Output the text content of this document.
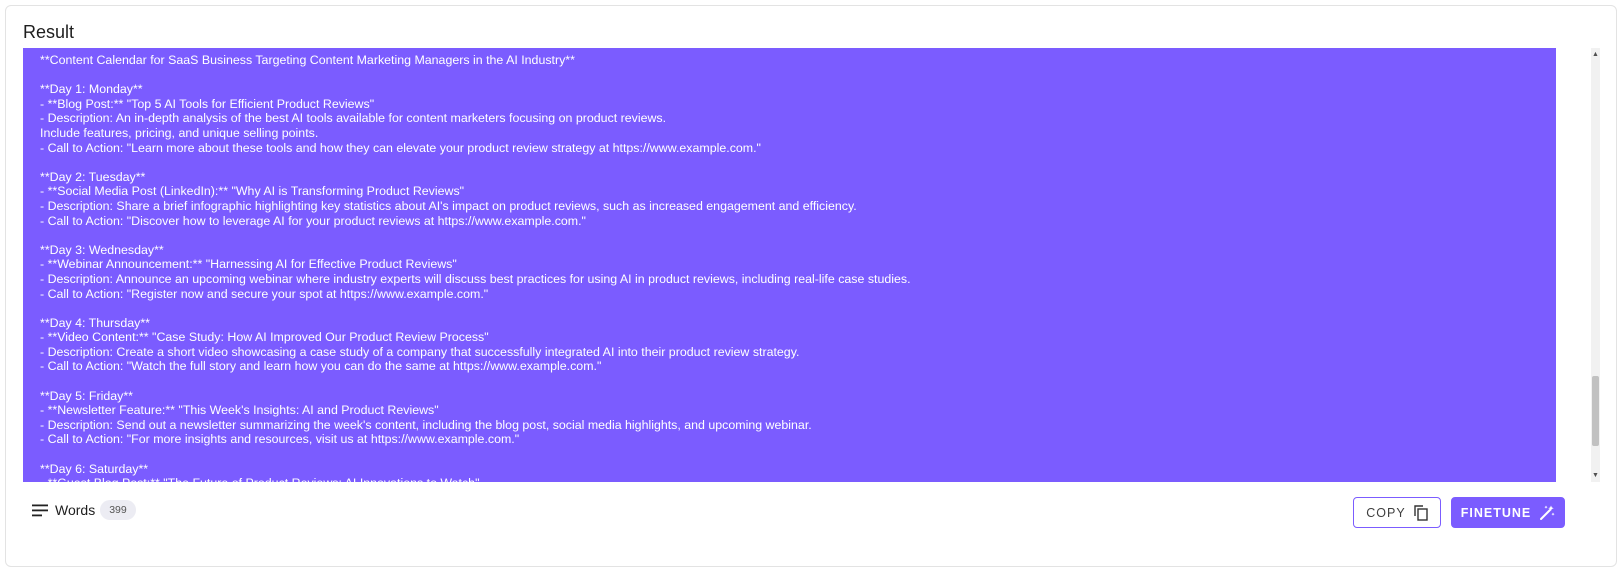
Result
**Content Calendar for SaaS Business Targeting Content Marketing Managers in the AI Industry**

**Day 1: Monday**
- **Blog Post:** "Top 5 AI Tools for Efficient Product Reviews"
- Description: An in-depth analysis of the best AI tools available for content marketers focusing on product reviews.
Include features, pricing, and unique selling points.
- Call to Action: "Learn more about these tools and how they can elevate your product review strategy at https://www.example.com."

**Day 2: Tuesday**
- **Social Media Post (LinkedIn):** "Why AI is Transforming Product Reviews"
- Description: Share a brief infographic highlighting key statistics about AI's impact on product reviews, such as increased engagement and efficiency.
- Call to Action: "Discover how to leverage AI for your product reviews at https://www.example.com."

**Day 3: Wednesday**
- **Webinar Announcement:** "Harnessing AI for Effective Product Reviews"
- Description: Announce an upcoming webinar where industry experts will discuss best practices for using AI in product reviews, including real-life case studies.
- Call to Action: "Register now and secure your spot at https://www.example.com."

**Day 4: Thursday**
- **Video Content:** "Case Study: How AI Improved Our Product Review Process"
- Description: Create a short video showcasing a case study of a company that successfully integrated AI into their product review strategy.
- Call to Action: "Watch the full story and learn how you can do the same at https://www.example.com."

**Day 5: Friday**
- **Newsletter Feature:** "This Week's Insights: AI and Product Reviews"
- Description: Send out a newsletter summarizing the week's content, including the blog post, social media highlights, and upcoming webinar.
- Call to Action: "For more insights and resources, visit us at https://www.example.com."

**Day 6: Saturday**
- **Guest Blog Post:** "The Future of Product Reviews: AI Innovations to Watch"
▲
▼
Words	399	COPY	FINETUNE
